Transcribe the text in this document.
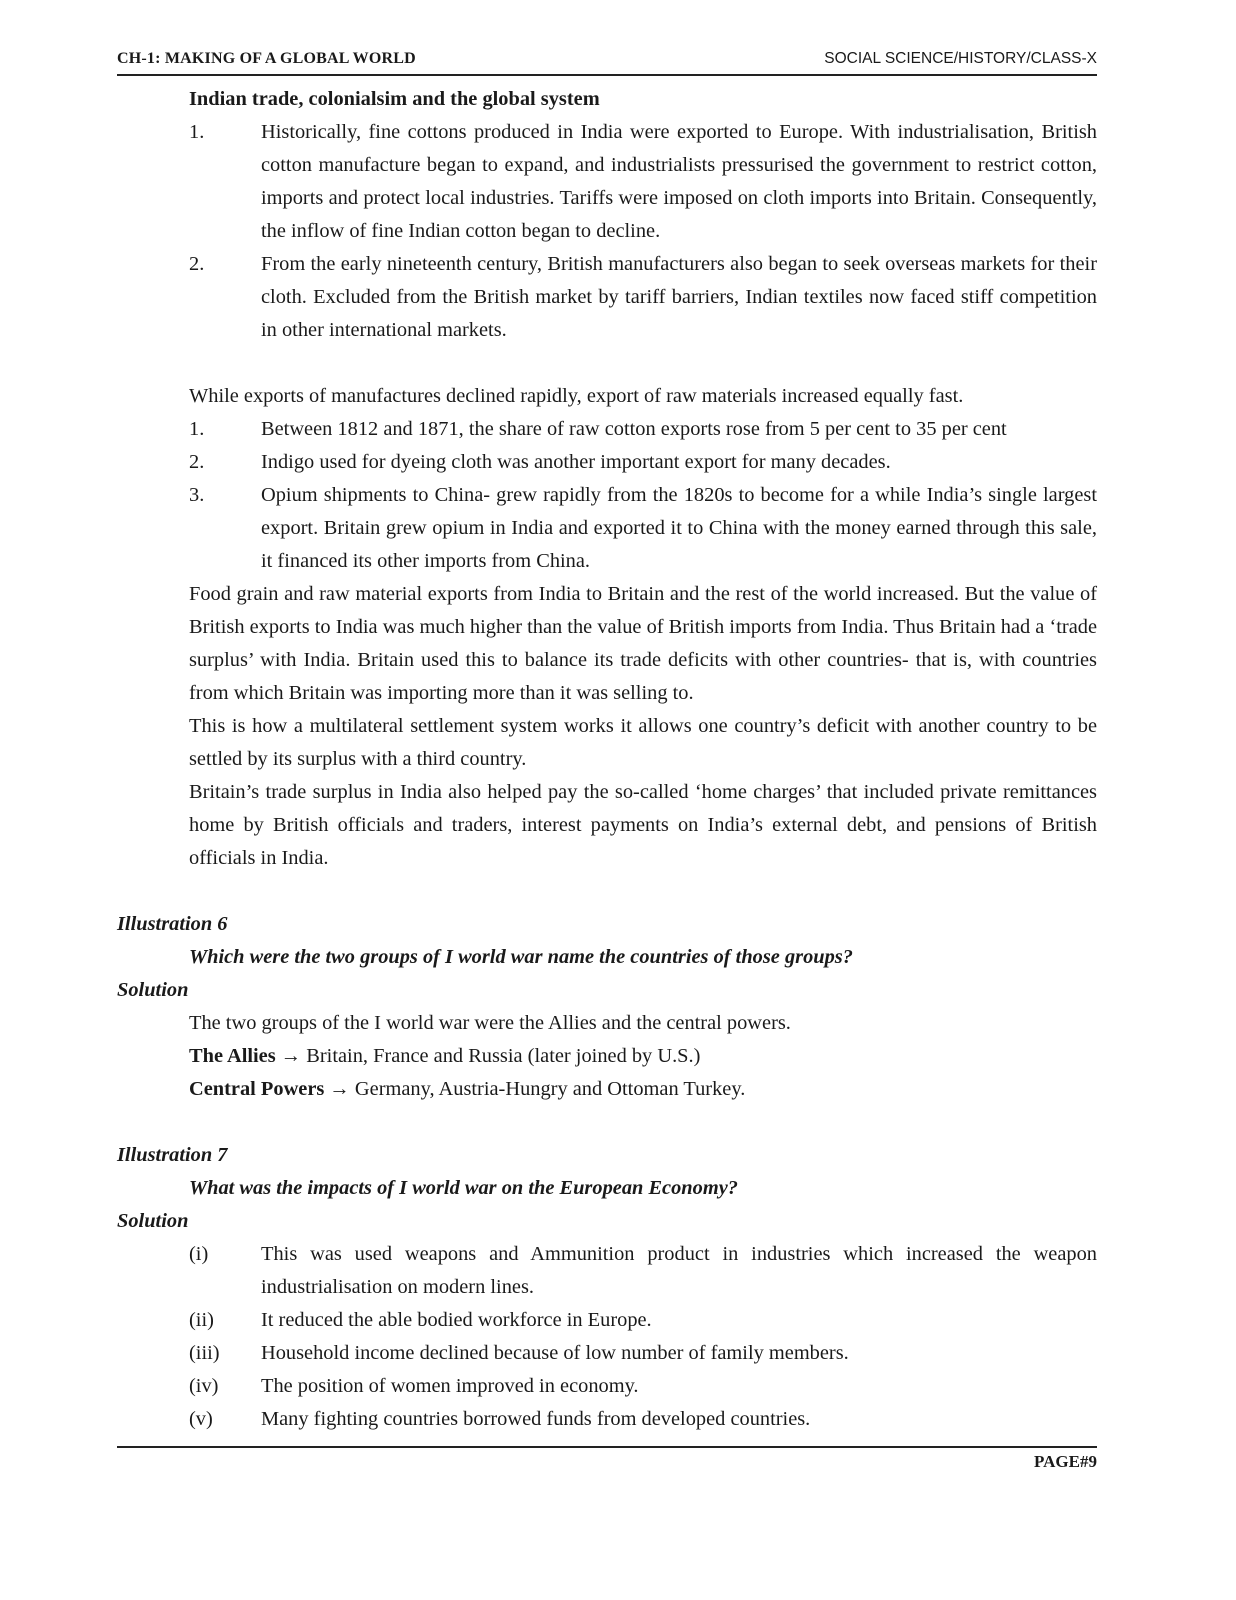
CH-1: MAKING OF A GLOBAL WORLD	SOCIAL SCIENCE/HISTORY/CLASS-X
Indian trade, colonialsim and the global system
1.	Historically, fine cottons produced in India were exported to Europe. With industrialisation, British cotton manufacture began to expand, and industrialists pressurised the government to restrict cotton, imports and protect local industries. Tariffs were imposed on cloth imports into Britain. Consequently, the inflow of fine Indian cotton began to decline.
2.	From the early nineteenth century, British manufacturers also began to seek overseas markets for their cloth. Excluded from the British market by tariff barriers, Indian textiles now faced stiff competition in other international markets.
While exports of manufactures declined rapidly, export of raw materials increased equally fast.
1.	Between 1812 and 1871, the share of raw cotton exports rose from 5 per cent to 35 per cent
2.	Indigo used for dyeing cloth was another important export for many decades.
3.	Opium shipments to China- grew rapidly from the 1820s to become for a while India’s single largest export. Britain grew opium in India and exported it to China with the money earned through this sale, it financed its other imports from China.
Food grain and raw material exports from India to Britain and the rest of the world increased. But the value of British exports to India was much higher than the value of British imports from India. Thus Britain had a ‘trade surplus’ with India. Britain used this to balance its trade deficits with other countries- that is, with countries from which Britain was importing more than it was selling to.
This is how a multilateral settlement system works it allows one country’s deficit with another country to be settled by its surplus with a third country.
Britain’s trade surplus in India also helped pay the so-called ‘home charges’ that included private remittances home by British officials and traders, interest payments on India’s external debt, and pensions of British officials in India.
Illustration 6
Which were the two groups of I world war name the countries of those groups?
Solution
The two groups of the I world war were the Allies and the central powers.
The Allies → Britain, France and Russia (later joined by U.S.)
Central Powers → Germany, Austria-Hungry and Ottoman Turkey.
Illustration 7
What was the impacts of I world war on the European Economy?
Solution
(i)	This was used weapons and Ammunition product in industries which increased the weapon industrialisation on modern lines.
(ii)	It reduced the able bodied workforce in Europe.
(iii)	Household income declined because of low number of family members.
(iv)	The position of women improved in economy.
(v)	Many fighting countries borrowed funds from developed countries.
PAGE#9
